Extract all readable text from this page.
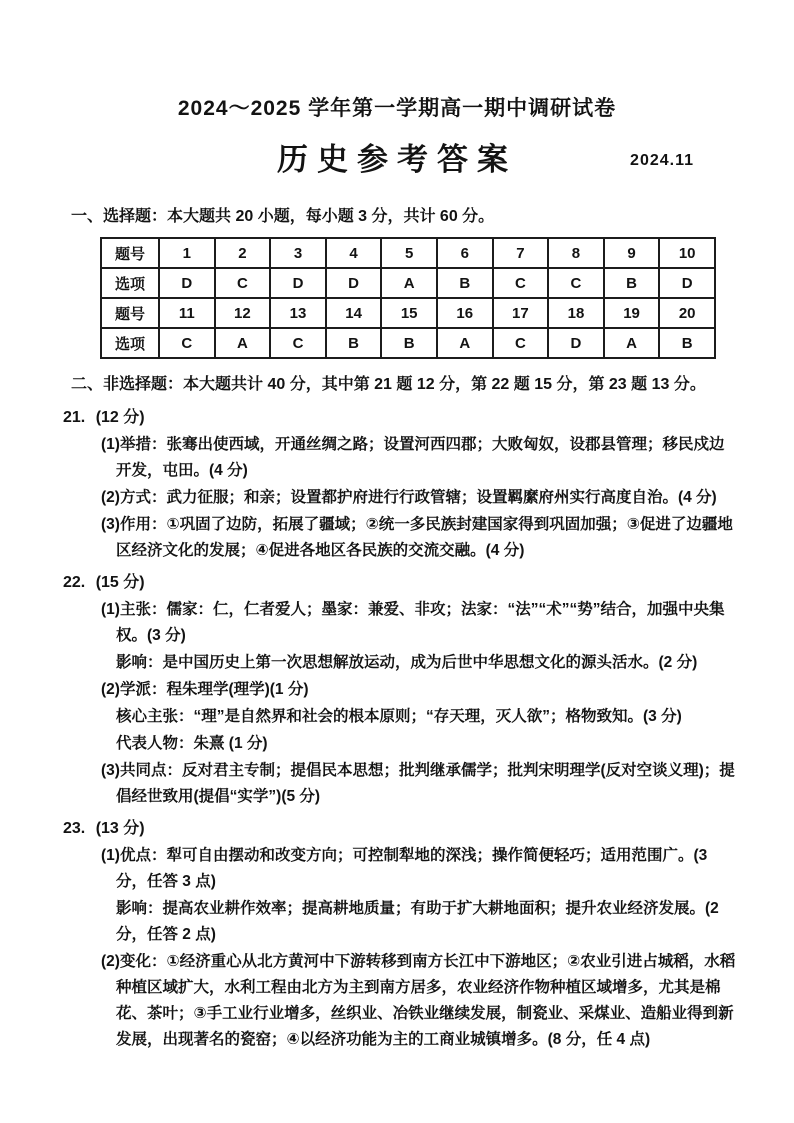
2024～2025 学年第一学期高一期中调研试卷
历史参考答案	2024.11
一、选择题：本大题共 20 小题，每小题 3 分，共计 60 分。
题号	1	2	3	4	5	6	7	8	9	10
选项	D	C	D	D	A	B	C	C	B	D
题号	11	12	13	14	15	16	17	18	19	20
选项	C	A	C	B	B	A	C	D	A	B
二、非选择题：本大题共计 40 分，其中第 21 题 12 分，第 22 题 15 分，第 23 题 13 分。
21. (12 分)
(1)举措：张骞出使西域，开通丝绸之路；设置河西四郡；大败匈奴，设郡县管理；移民戍边开发，屯田。(4 分)
(2)方式：武力征服；和亲；设置都护府进行行政管辖；设置羁縻府州实行高度自治。(4 分)
(3)作用：①巩固了边防，拓展了疆域；②统一多民族封建国家得到巩固加强；③促进了边疆地区经济文化的发展；④促进各地区各民族的交流交融。(4 分)
22. (15 分)
(1)主张：儒家：仁，仁者爱人；墨家：兼爱、非攻；法家：“法”“术”“势”结合，加强中央集权。(3 分)
影响：是中国历史上第一次思想解放运动，成为后世中华思想文化的源头活水。(2 分)
(2)学派：程朱理学(理学)(1 分)
核心主张：“理”是自然界和社会的根本原则；“存天理，灭人欲”；格物致知。(3 分)
代表人物：朱熹 (1 分)
(3)共同点：反对君主专制；提倡民本思想；批判继承儒学；批判宋明理学(反对空谈义理)；提倡经世致用(提倡“实学”)(5 分)
23. (13 分)
(1)优点：犁可自由摆动和改变方向；可控制犁地的深浅；操作简便轻巧；适用范围广。(3 分，任答 3 点)
影响：提高农业耕作效率；提高耕地质量；有助于扩大耕地面积；提升农业经济发展。(2 分，任答 2 点)
(2)变化：①经济重心从北方黄河中下游转移到南方长江中下游地区；②农业引进占城稻，水稻种植区域扩大，水利工程由北方为主到南方居多，农业经济作物种植区域增多，尤其是棉花、茶叶；③手工业行业增多，丝织业、冶铁业继续发展，制瓷业、采煤业、造船业得到新发展，出现著名的瓷窑；④以经济功能为主的工商业城镇增多。(8 分，任 4 点)
